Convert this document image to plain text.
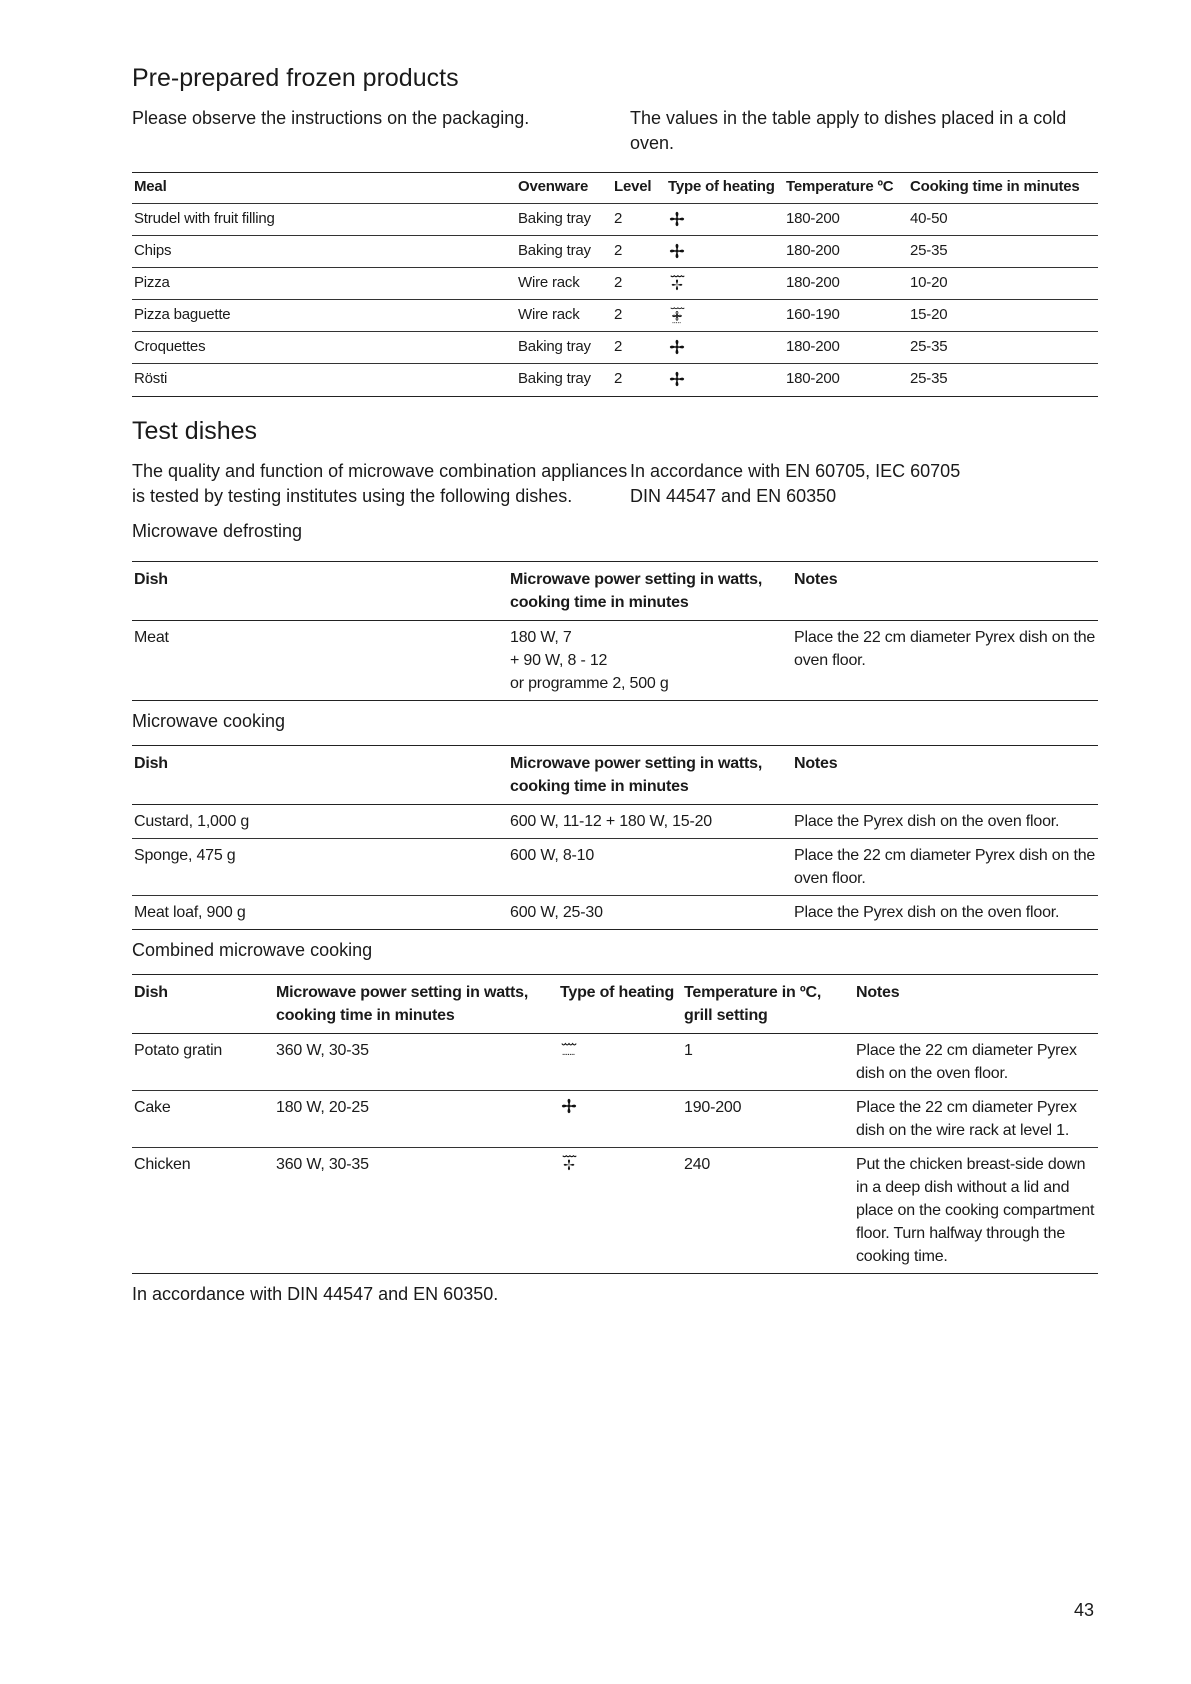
Pre-prepared frozen products

Please observe the instructions on the packaging.	The values in the table apply to dishes placed in a cold oven.

Meal	Ovenware	Level	Type of heating	Temperature ºC	Cooking time in minutes
Strudel with fruit filling	Baking tray	2		180-200	40-50
Chips	Baking tray	2		180-200	25-35
Pizza	Wire rack	2		180-200	10-20
Pizza baguette	Wire rack	2		160-190	15-20
Croquettes	Baking tray	2		180-200	25-35
Rösti	Baking tray	2		180-200	25-35
Test dishes

The quality and function of microwave combination appliances is tested by testing institutes using the following dishes.

In accordance with EN 60705, IEC 60705 DIN 44547 and EN 60350

Microwave defrosting
Dish	Microwave power setting in watts, cooking time in minutes	Notes
Meat	180 W, 7
+ 90 W, 8 - 12
or programme 2, 500 g	Place the 22 cm diameter Pyrex dish on the oven floor.
Microwave cooking
Dish	Microwave power setting in watts, cooking time in minutes	Notes
Custard, 1,000 g	600 W, 11-12 + 180 W, 15-20	Place the Pyrex dish on the oven floor.
Sponge, 475 g	600 W, 8-10	Place the 22 cm diameter Pyrex dish on the oven floor.
Meat loaf, 900 g	600 W, 25-30	Place the Pyrex dish on the oven floor.
Combined microwave cooking
Dish	Microwave power setting in watts, cooking time in minutes	Type of heating	Temperature in ºC, grill setting	Notes
Potato gratin	360 W, 30-35		1	Place the 22 cm diameter Pyrex dish on the oven floor.
Cake	180 W, 20-25		190-200	Place the 22 cm diameter Pyrex dish on the wire rack at level 1.
Chicken	360 W, 30-35		240	Put the chicken breast-side down in a deep dish without a lid and place on the cooking compartment floor. Turn halfway through the cooking time.
In accordance with DIN 44547 and EN 60350.
43
